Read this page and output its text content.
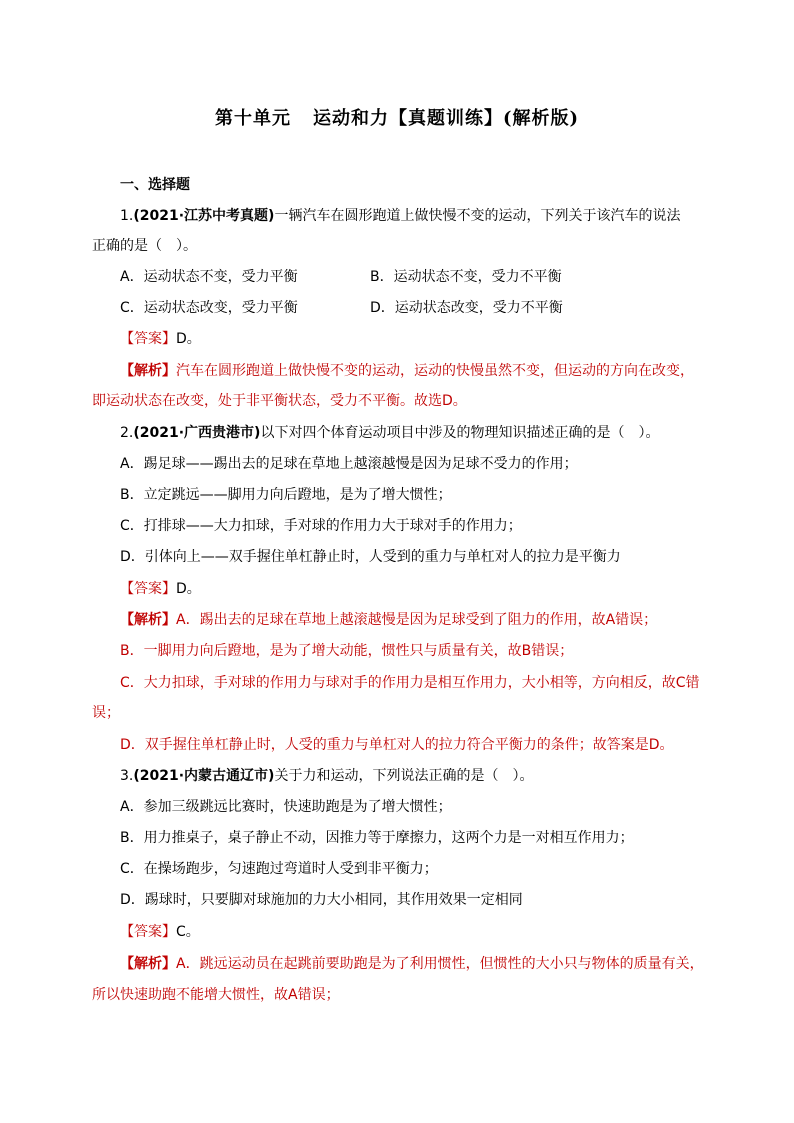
第十单元 运动和力【真题训练】(解析版)
一、选择题
1.(2021·江苏中考真题)一辆汽车在圆形跑道上做快慢不变的运动，下列关于该汽车的说法
正确的是（　）。
A．运动状态不变，受力平衡	B．运动状态不变，受力不平衡
C．运动状态改变，受力平衡	D．运动状态改变，受力不平衡
【答案】D。
【解析】汽车在圆形跑道上做快慢不变的运动，运动的快慢虽然不变，但运动的方向在改变，
即运动状态在改变，处于非平衡状态，受力不平衡。故选D。
2.(2021·广西贵港市)以下对四个体育运动项目中涉及的物理知识描述正确的是（　）。
A．踢足球——踢出去的足球在草地上越滚越慢是因为足球不受力的作用；
B．立定跳远——脚用力向后蹬地，是为了增大惯性；
C．打排球——大力扣球，手对球的作用力大于球对手的作用力；
D．引体向上——双手握住单杠静止时，人受到的重力与单杠对人的拉力是平衡力
【答案】D。
【解析】A．踢出去的足球在草地上越滚越慢是因为足球受到了阻力的作用，故A错误；
B．一脚用力向后蹬地，是为了增大动能，惯性只与质量有关，故B错误；
C．大力扣球，手对球的作用力与球对手的作用力是相互作用力，大小相等，方向相反，故C错
误；
D．双手握住单杠静止时，人受的重力与单杠对人的拉力符合平衡力的条件；故答案是D。
3.(2021·内蒙古通辽市)关于力和运动，下列说法正确的是（　）。
A．参加三级跳远比赛时，快速助跑是为了增大惯性；
B．用力推桌子，桌子静止不动，因推力等于摩擦力，这两个力是一对相互作用力；
C．在操场跑步，匀速跑过弯道时人受到非平衡力；
D．踢球时，只要脚对球施加的力大小相同，其作用效果一定相同
【答案】C。
【解析】A．跳远运动员在起跳前要助跑是为了利用惯性，但惯性的大小只与物体的质量有关，
所以快速助跑不能增大惯性，故A错误；
